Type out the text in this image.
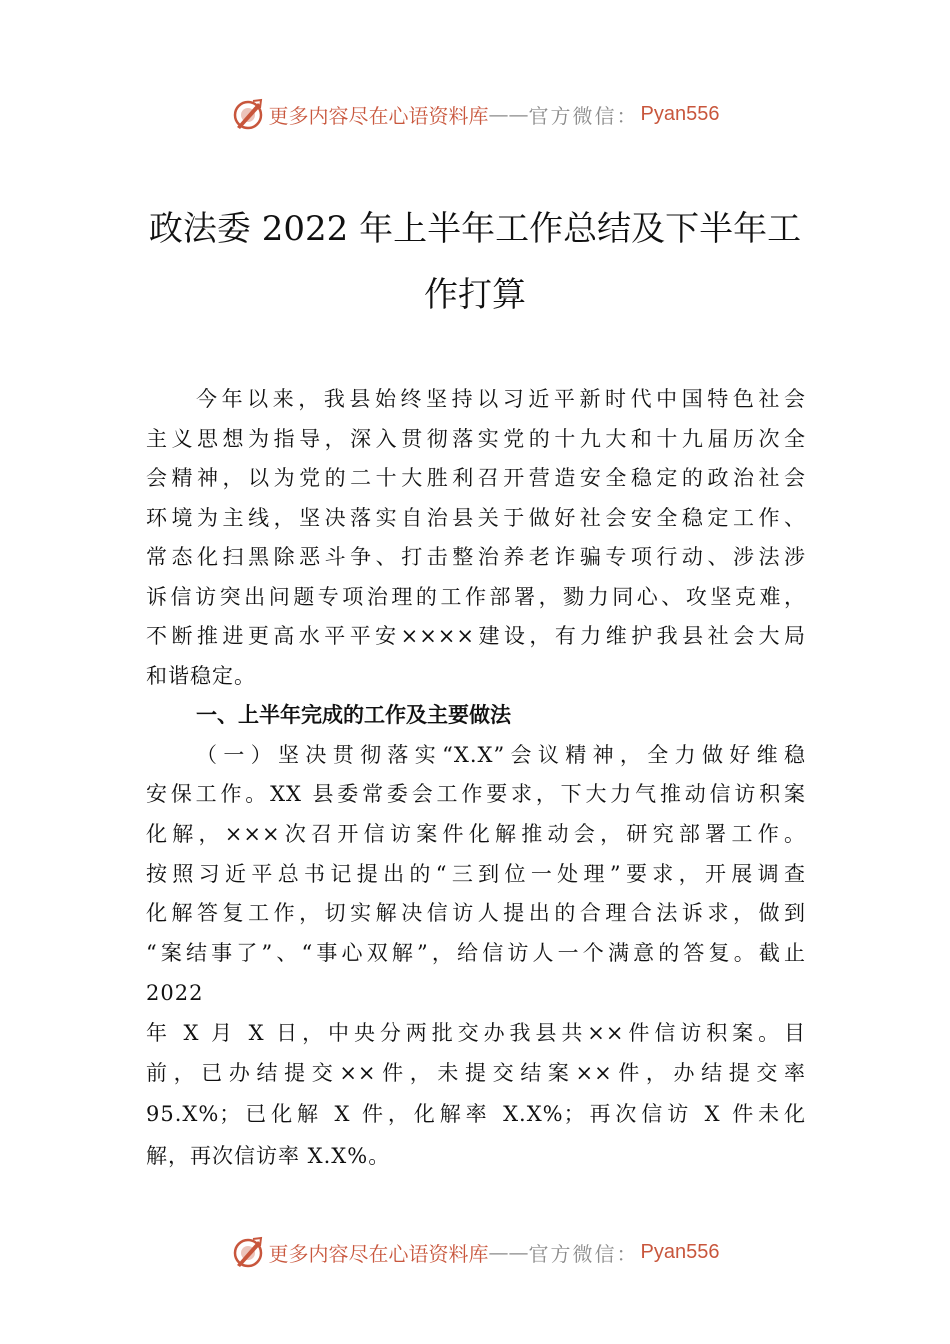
更多内容尽在心语资料库 —— 官方微信： Pyan556
政法委 2022 年上半年工作总结及下半年工
作打算
今年以来，我县始终坚持以习近平新时代中国特色社会
主义思想为指导，深入贯彻落实党的十九大和十九届历次全
会精神，以为党的二十大胜利召开营造安全稳定的政治社会
环境为主线，坚决落实自治县关于做好社会安全稳定工作、
常态化扫黑除恶斗争、打击整治养老诈骗专项行动、涉法涉
诉信访突出问题专项治理的工作部署，勠力同心、攻坚克难，
不断推进更高水平平安××××建设，有力维护我县社会大局
和谐稳定。
一、上半年完成的工作及主要做法
（一）坚决贯彻落实“X.X”会议精神，全力做好维稳
安保工作。XX 县委常委会工作要求，下大力气推动信访积案
化解，×××次召开信访案件化解推动会，研究部署工作。
按照习近平总书记提出的“三到位一处理”要求，开展调查
化解答复工作，切实解决信访人提出的合理合法诉求，做到
“案结事了”、“事心双解”，给信访人一个满意的答复。截止
2022
年 X 月 X 日，中央分两批交办我县共××件信访积案。目
前，已办结提交××件，未提交结案××件，办结提交率
95.X%；已化解 X 件，化解率 X.X%；再次信访 X 件未化
解，再次信访率 X.X%。
更多内容尽在心语资料库 —— 官方微信： Pyan556
